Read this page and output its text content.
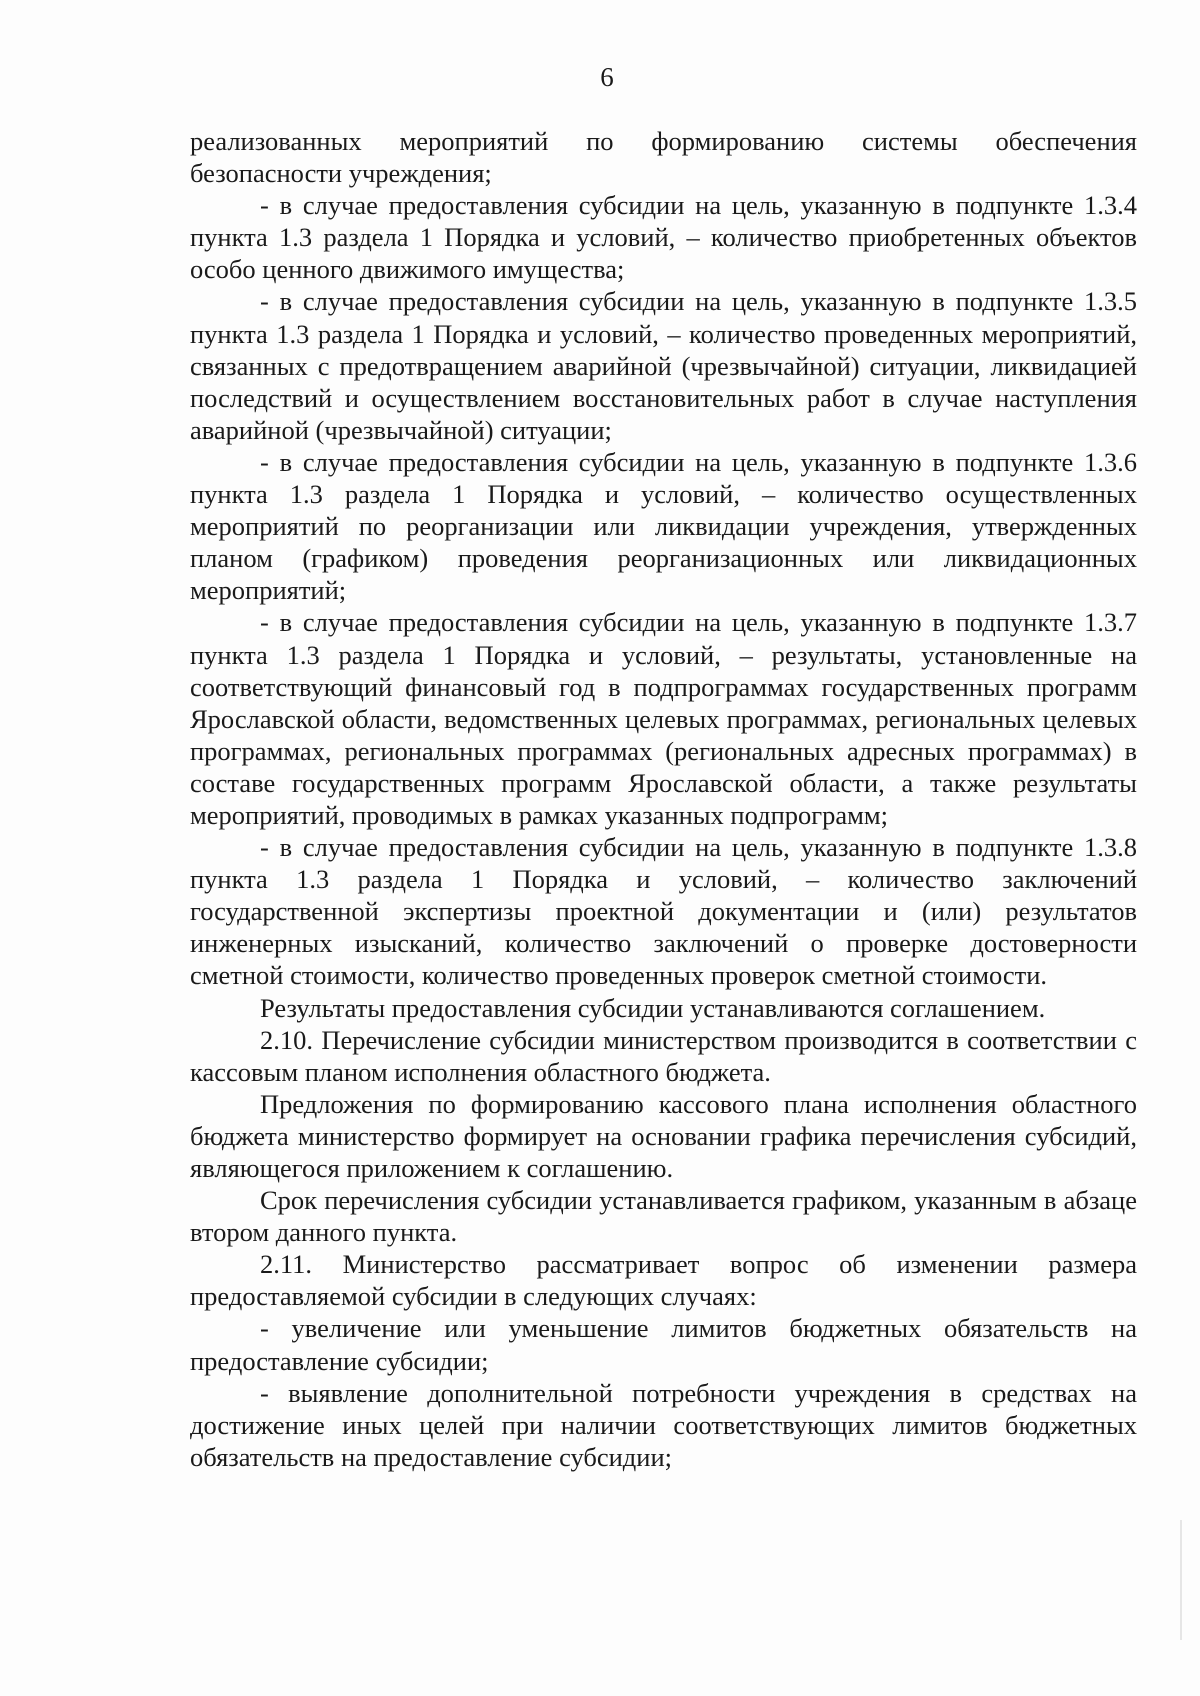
6

реализованных мероприятий по формированию системы обеспечения безопасности учреждения;

- в случае предоставления субсидии на цель, указанную в подпункте 1.3.4 пункта 1.3 раздела 1 Порядка и условий, – количество приобретенных объектов особо ценного движимого имущества;

- в случае предоставления субсидии на цель, указанную в подпункте 1.3.5 пункта 1.3 раздела 1 Порядка и условий, – количество проведенных мероприятий, связанных с предотвращением аварийной (чрезвычайной) ситуации, ликвидацией последствий и осуществлением восстановительных работ в случае наступления аварийной (чрезвычайной) ситуации;

- в случае предоставления субсидии на цель, указанную в подпункте 1.3.6 пункта 1.3 раздела 1 Порядка и условий, – количество осуществленных мероприятий по реорганизации или ликвидации учреждения, утвержденных планом (графиком) проведения реорганизационных или ликвидационных мероприятий;

- в случае предоставления субсидии на цель, указанную в подпункте 1.3.7 пункта 1.3 раздела 1 Порядка и условий, – результаты, установленные на соответствующий финансовый год в подпрограммах государственных программ Ярославской области, ведомственных целевых программах, региональных целевых программах, региональных программах (региональных адресных программах) в составе государственных программ Ярославской области, а также результаты мероприятий, проводимых в рамках указанных подпрограмм;

- в случае предоставления субсидии на цель, указанную в подпункте 1.3.8 пункта 1.3 раздела 1 Порядка и условий, – количество заключений государственной экспертизы проектной документации и (или) результатов инженерных изысканий, количество заключений о проверке достоверности сметной стоимости, количество проведенных проверок сметной стоимости.

Результаты предоставления субсидии устанавливаются соглашением.

2.10. Перечисление субсидии министерством производится в соответствии с кассовым планом исполнения областного бюджета.

Предложения по формированию кассового плана исполнения областного бюджета министерство формирует на основании графика перечисления субсидий, являющегося приложением к соглашению.

Срок перечисления субсидии устанавливается графиком, указанным в абзаце втором данного пункта.

2.11. Министерство рассматривает вопрос об изменении размера предоставляемой субсидии в следующих случаях:

- увеличение или уменьшение лимитов бюджетных обязательств на предоставление субсидии;

- выявление дополнительной потребности учреждения в средствах на достижение иных целей при наличии соответствующих лимитов бюджетных обязательств на предоставление субсидии;
